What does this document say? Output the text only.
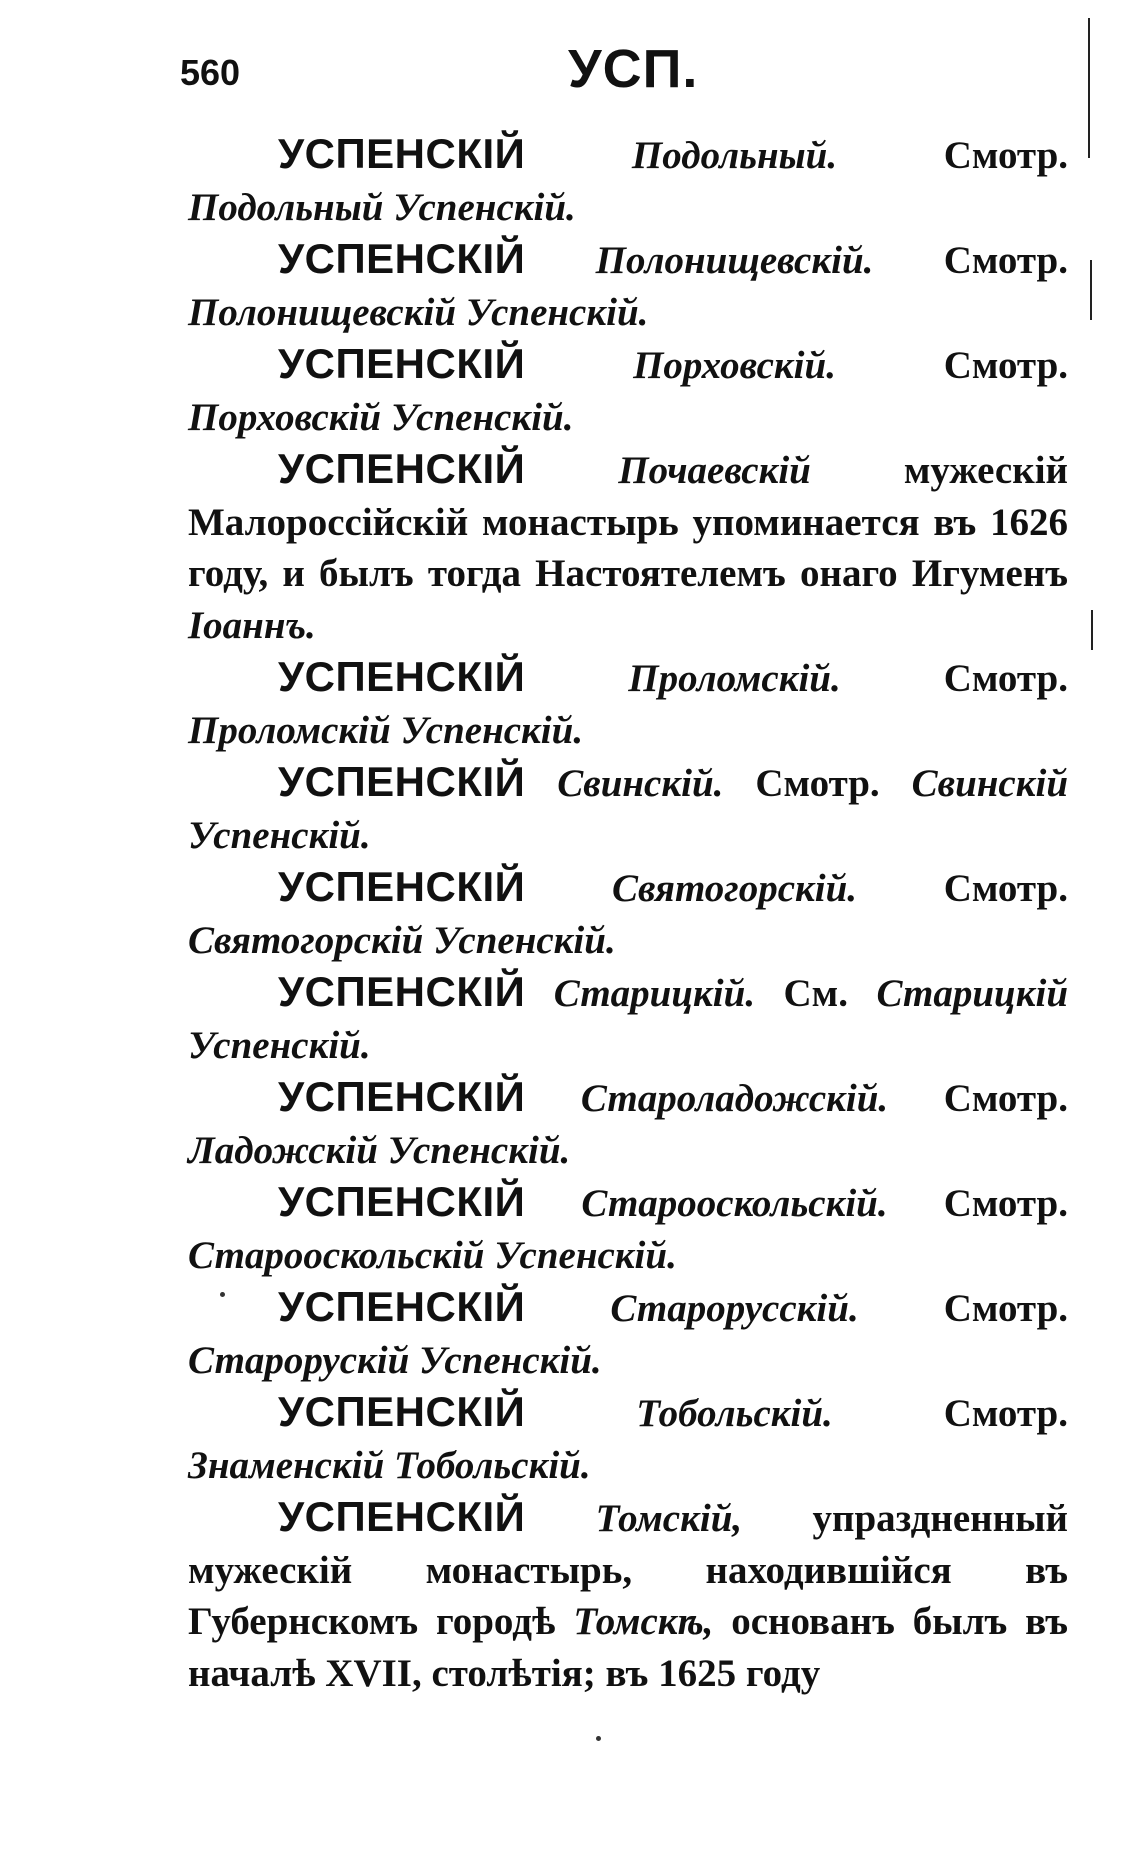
560	УСП.

УСПЕНСКІЙ	Подольный.	Смотр. Подольный Успенскій.

УСПЕНСКІЙ Полонищевскій. Смотр. Полонищевскій Успенскій.

УСПЕНСКІЙ	Порховскій.	Смотр. Порховскій Успенскій.

УСПЕНСКІЙ Почаевскій мужескій Малороссійскій монастырь упоминается въ 1626 году, и былъ тогда Настоятелемъ онаго Игуменъ Іоаннъ.

УСПЕНСКІЙ	Проломскій.	Смотр. Проломскій Успенскій.

УСПЕНСКІЙ Свинскій. Смотр. Свинскій Успенскій.

УСПЕНСКІЙ Святогорскій. Смотр. Святогорскій Успенскій.

УСПЕНСКІЙ Старицкій. См. Старицкій Успенскій.

УСПЕНСКІЙ Староладожскій. Смотр. Ладожскій Успенскій.

УСПЕНСКІЙ Старооскольскій. Смотр. Старооскольскій Успенскій.

УСПЕНСКІЙ Старорусскій. Смотр. Старорускій Успенскій.

УСПЕНСКІЙ	Тобольскій.	Смотр. Знаменскій Тобольскій.

УСПЕНСКІЙ Томскій, упраздненный мужескій монастырь, находившійся въ Губернскомъ городѣ Томскѣ, основанъ былъ въ началѣ XVII, столѣтія; въ 1625 году
